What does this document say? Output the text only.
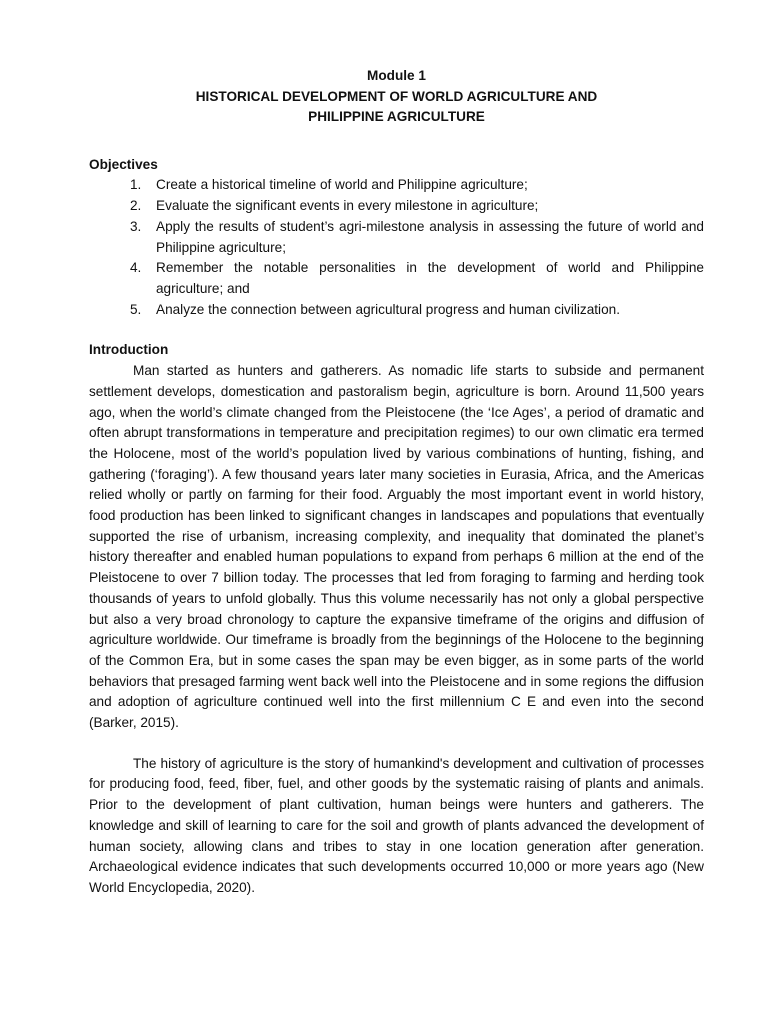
Module 1
HISTORICAL DEVELOPMENT OF WORLD AGRICULTURE AND
PHILIPPINE AGRICULTURE
Objectives
1. Create a historical timeline of world and Philippine agriculture;
2. Evaluate the significant events in every milestone in agriculture;
3. Apply the results of student’s agri-milestone analysis in assessing the future of world and Philippine agriculture;
4. Remember the notable personalities in the development of world and Philippine agriculture; and
5. Analyze the connection between agricultural progress and human civilization.
Introduction

Man started as hunters and gatherers. As nomadic life starts to subside and permanent settlement develops, domestication and pastoralism begin, agriculture is born. Around 11,500 years ago, when the world’s climate changed from the Pleistocene (the ‘Ice Ages’, a period of dramatic and often abrupt transformations in temperature and precipitation regimes) to our own climatic era termed the Holocene, most of the world’s population lived by various combinations of hunting, fishing, and gathering (‘foraging’). A few thousand years later many societies in Eurasia, Africa, and the Americas relied wholly or partly on farming for their food. Arguably the most important event in world history, food production has been linked to significant changes in landscapes and populations that eventually supported the rise of urbanism, increasing complexity, and inequality that dominated the planet’s history thereafter and enabled human populations to expand from perhaps 6 million at the end of the Pleistocene to over 7 billion today. The processes that led from foraging to farming and herding took thousands of years to unfold globally. Thus this volume necessarily has not only a global perspective but also a very broad chronology to capture the expansive timeframe of the origins and diffusion of agriculture worldwide. Our timeframe is broadly from the beginnings of the Holocene to the beginning of the Common Era, but in some cases the span may be even bigger, as in some parts of the world behaviors that presaged farming went back well into the Pleistocene and in some regions the diffusion and adoption of agriculture continued well into the first millennium C E and even into the second (Barker, 2015).

The history of agriculture is the story of humankind's development and cultivation of processes for producing food, feed, fiber, fuel, and other goods by the systematic raising of plants and animals. Prior to the development of plant cultivation, human beings were hunters and gatherers. The knowledge and skill of learning to care for the soil and growth of plants advanced the development of human society, allowing clans and tribes to stay in one location generation after generation. Archaeological evidence indicates that such developments occurred 10,000 or more years ago (New World Encyclopedia, 2020).
